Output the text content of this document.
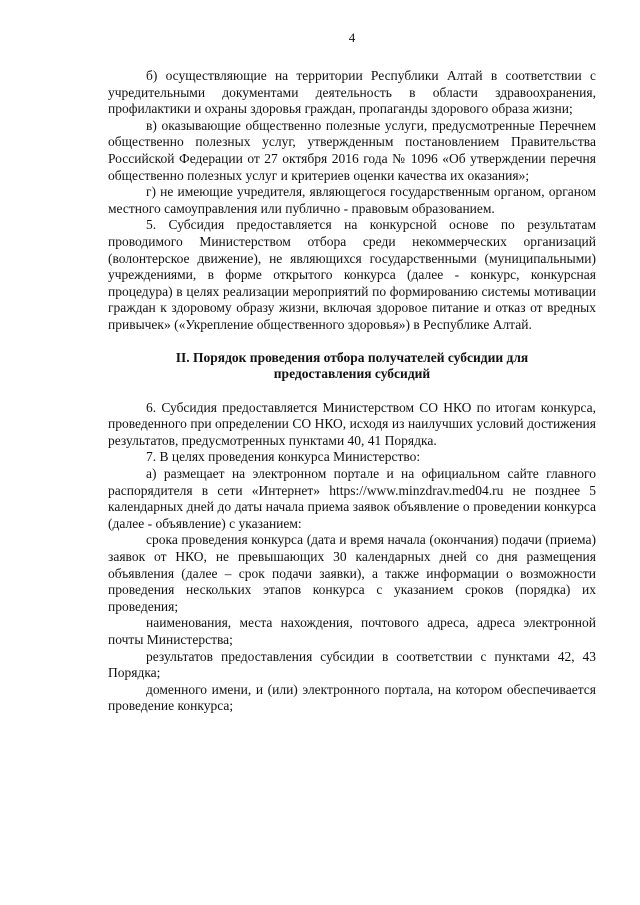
4

б) осуществляющие на территории Республики Алтай в соответствии с учредительными документами деятельность в области здравоохранения, профилактики и охраны здоровья граждан, пропаганды здорового образа жизни;

в) оказывающие общественно полезные услуги, предусмотренные Перечнем общественно полезных услуг, утвержденным постановлением Правительства Российской Федерации от 27 октября 2016 года № 1096 «Об утверждении перечня общественно полезных услуг и критериев оценки качества их оказания»;

г) не имеющие учредителя, являющегося государственным органом, органом местного самоуправления или публично - правовым образованием.

5. Субсидия предоставляется на конкурсной основе по результатам проводимого Министерством отбора среди некоммерческих организаций (волонтерское движение), не являющихся государственными (муниципальными) учреждениями, в форме открытого конкурса (далее - конкурс, конкурсная процедура) в целях реализации мероприятий по формированию системы мотивации граждан к здоровому образу жизни, включая здоровое питание и отказ от вредных привычек» («Укрепление общественного здоровья») в Республике Алтай.

II. Порядок проведения отбора получателей субсидии для
предоставления субсидий

6. Субсидия предоставляется Министерством СО НКО по итогам конкурса, проведенного при определении СО НКО, исходя из наилучших условий достижения результатов, предусмотренных пунктами 40, 41 Порядка.

7. В целях проведения конкурса Министерство:

а) размещает на электронном портале и на официальном сайте главного распорядителя в сети «Интернет» https://www.minzdrav.med04.ru не позднее 5 календарных дней до даты начала приема заявок объявление о проведении конкурса (далее - объявление) с указанием:

срока проведения конкурса (дата и время начала (окончания) подачи (приема) заявок от НКО, не превышающих 30 календарных дней со дня размещения объявления (далее – срок подачи заявки), а также информации о возможности проведения нескольких этапов конкурса с указанием сроков (порядка) их проведения;

наименования, места нахождения, почтового адреса, адреса электронной почты Министерства;

результатов предоставления субсидии в соответствии с пунктами 42, 43 Порядка;

доменного имени, и (или) электронного портала, на котором обеспечивается проведение конкурса;
